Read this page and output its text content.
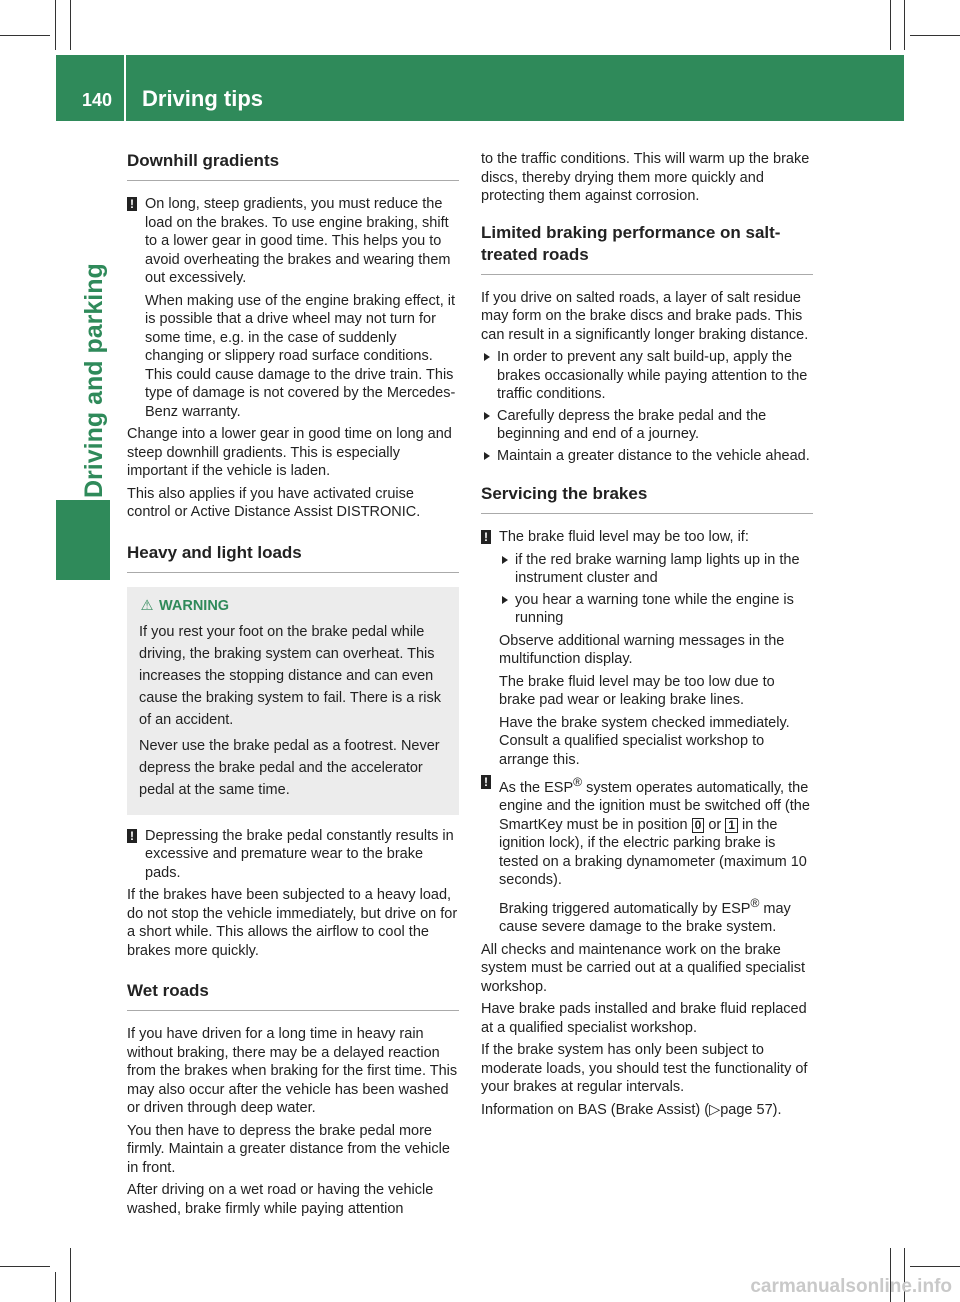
140 Driving tips
Driving and parking
Downhill gradients
! On long, steep gradients, you must reduce the load on the brakes. To use engine braking, shift to a lower gear in good time. This helps you to avoid overheating the brakes and wearing them out excessively.

When making use of the engine braking effect, it is possible that a drive wheel may not turn for some time, e.g. in the case of suddenly changing or slippery road surface conditions. This could cause damage to the drive train. This type of damage is not covered by the Mercedes-Benz warranty.

Change into a lower gear in good time on long and steep downhill gradients. This is especially important if the vehicle is laden.

This also applies if you have activated cruise control or Active Distance Assist DISTRONIC.

Heavy and light loads
⚠ WARNING

If you rest your foot on the brake pedal while driving, the braking system can overheat. This increases the stopping distance and can even cause the braking system to fail. There is a risk of an accident.

Never use the brake pedal as a footrest. Never depress the brake pedal and the accelerator pedal at the same time.

! Depressing the brake pedal constantly results in excessive and premature wear to the brake pads.

If the brakes have been subjected to a heavy load, do not stop the vehicle immediately, but drive on for a short while. This allows the airflow to cool the brakes more quickly.

Wet roads

If you have driven for a long time in heavy rain without braking, there may be a delayed reaction from the brakes when braking for the first time. This may also occur after the vehicle has been washed or driven through deep water.

You then have to depress the brake pedal more firmly. Maintain a greater distance from the vehicle in front.

After driving on a wet road or having the vehicle washed, brake firmly while paying attention

to the traffic conditions. This will warm up the brake discs, thereby drying them more quickly and protecting them against corrosion.

Limited braking performance on salt-treated roads

If you drive on salted roads, a layer of salt residue may form on the brake discs and brake pads. This can result in a significantly longer braking distance.

In order to prevent any salt build-up, apply the brakes occasionally while paying attention to the traffic conditions.
Carefully depress the brake pedal and the beginning and end of a journey.
Maintain a greater distance to the vehicle ahead.
Servicing the brakes
! The brake fluid level may be too low, if:

if the red brake warning lamp lights up in the instrument cluster and
you hear a warning tone while the engine is running

Observe additional warning messages in the multifunction display.

The brake fluid level may be too low due to brake pad wear or leaking brake lines.

Have the brake system checked immediately. Consult a qualified specialist workshop to arrange this.

! As the ESP® system operates automatically, the engine and the ignition must be switched off (the SmartKey must be in position 0 or 1 in the ignition lock), if the electric parking brake is tested on a braking dynamometer (maximum 10 seconds).

Braking triggered automatically by ESP® may cause severe damage to the brake system.

All checks and maintenance work on the brake system must be carried out at a qualified specialist workshop.

Have brake pads installed and brake fluid replaced at a qualified specialist workshop.

If the brake system has only been subject to moderate loads, you should test the functionality of your brakes at regular intervals.

Information on BAS (Brake Assist) (▷page 57).

carmanualsonline.info
